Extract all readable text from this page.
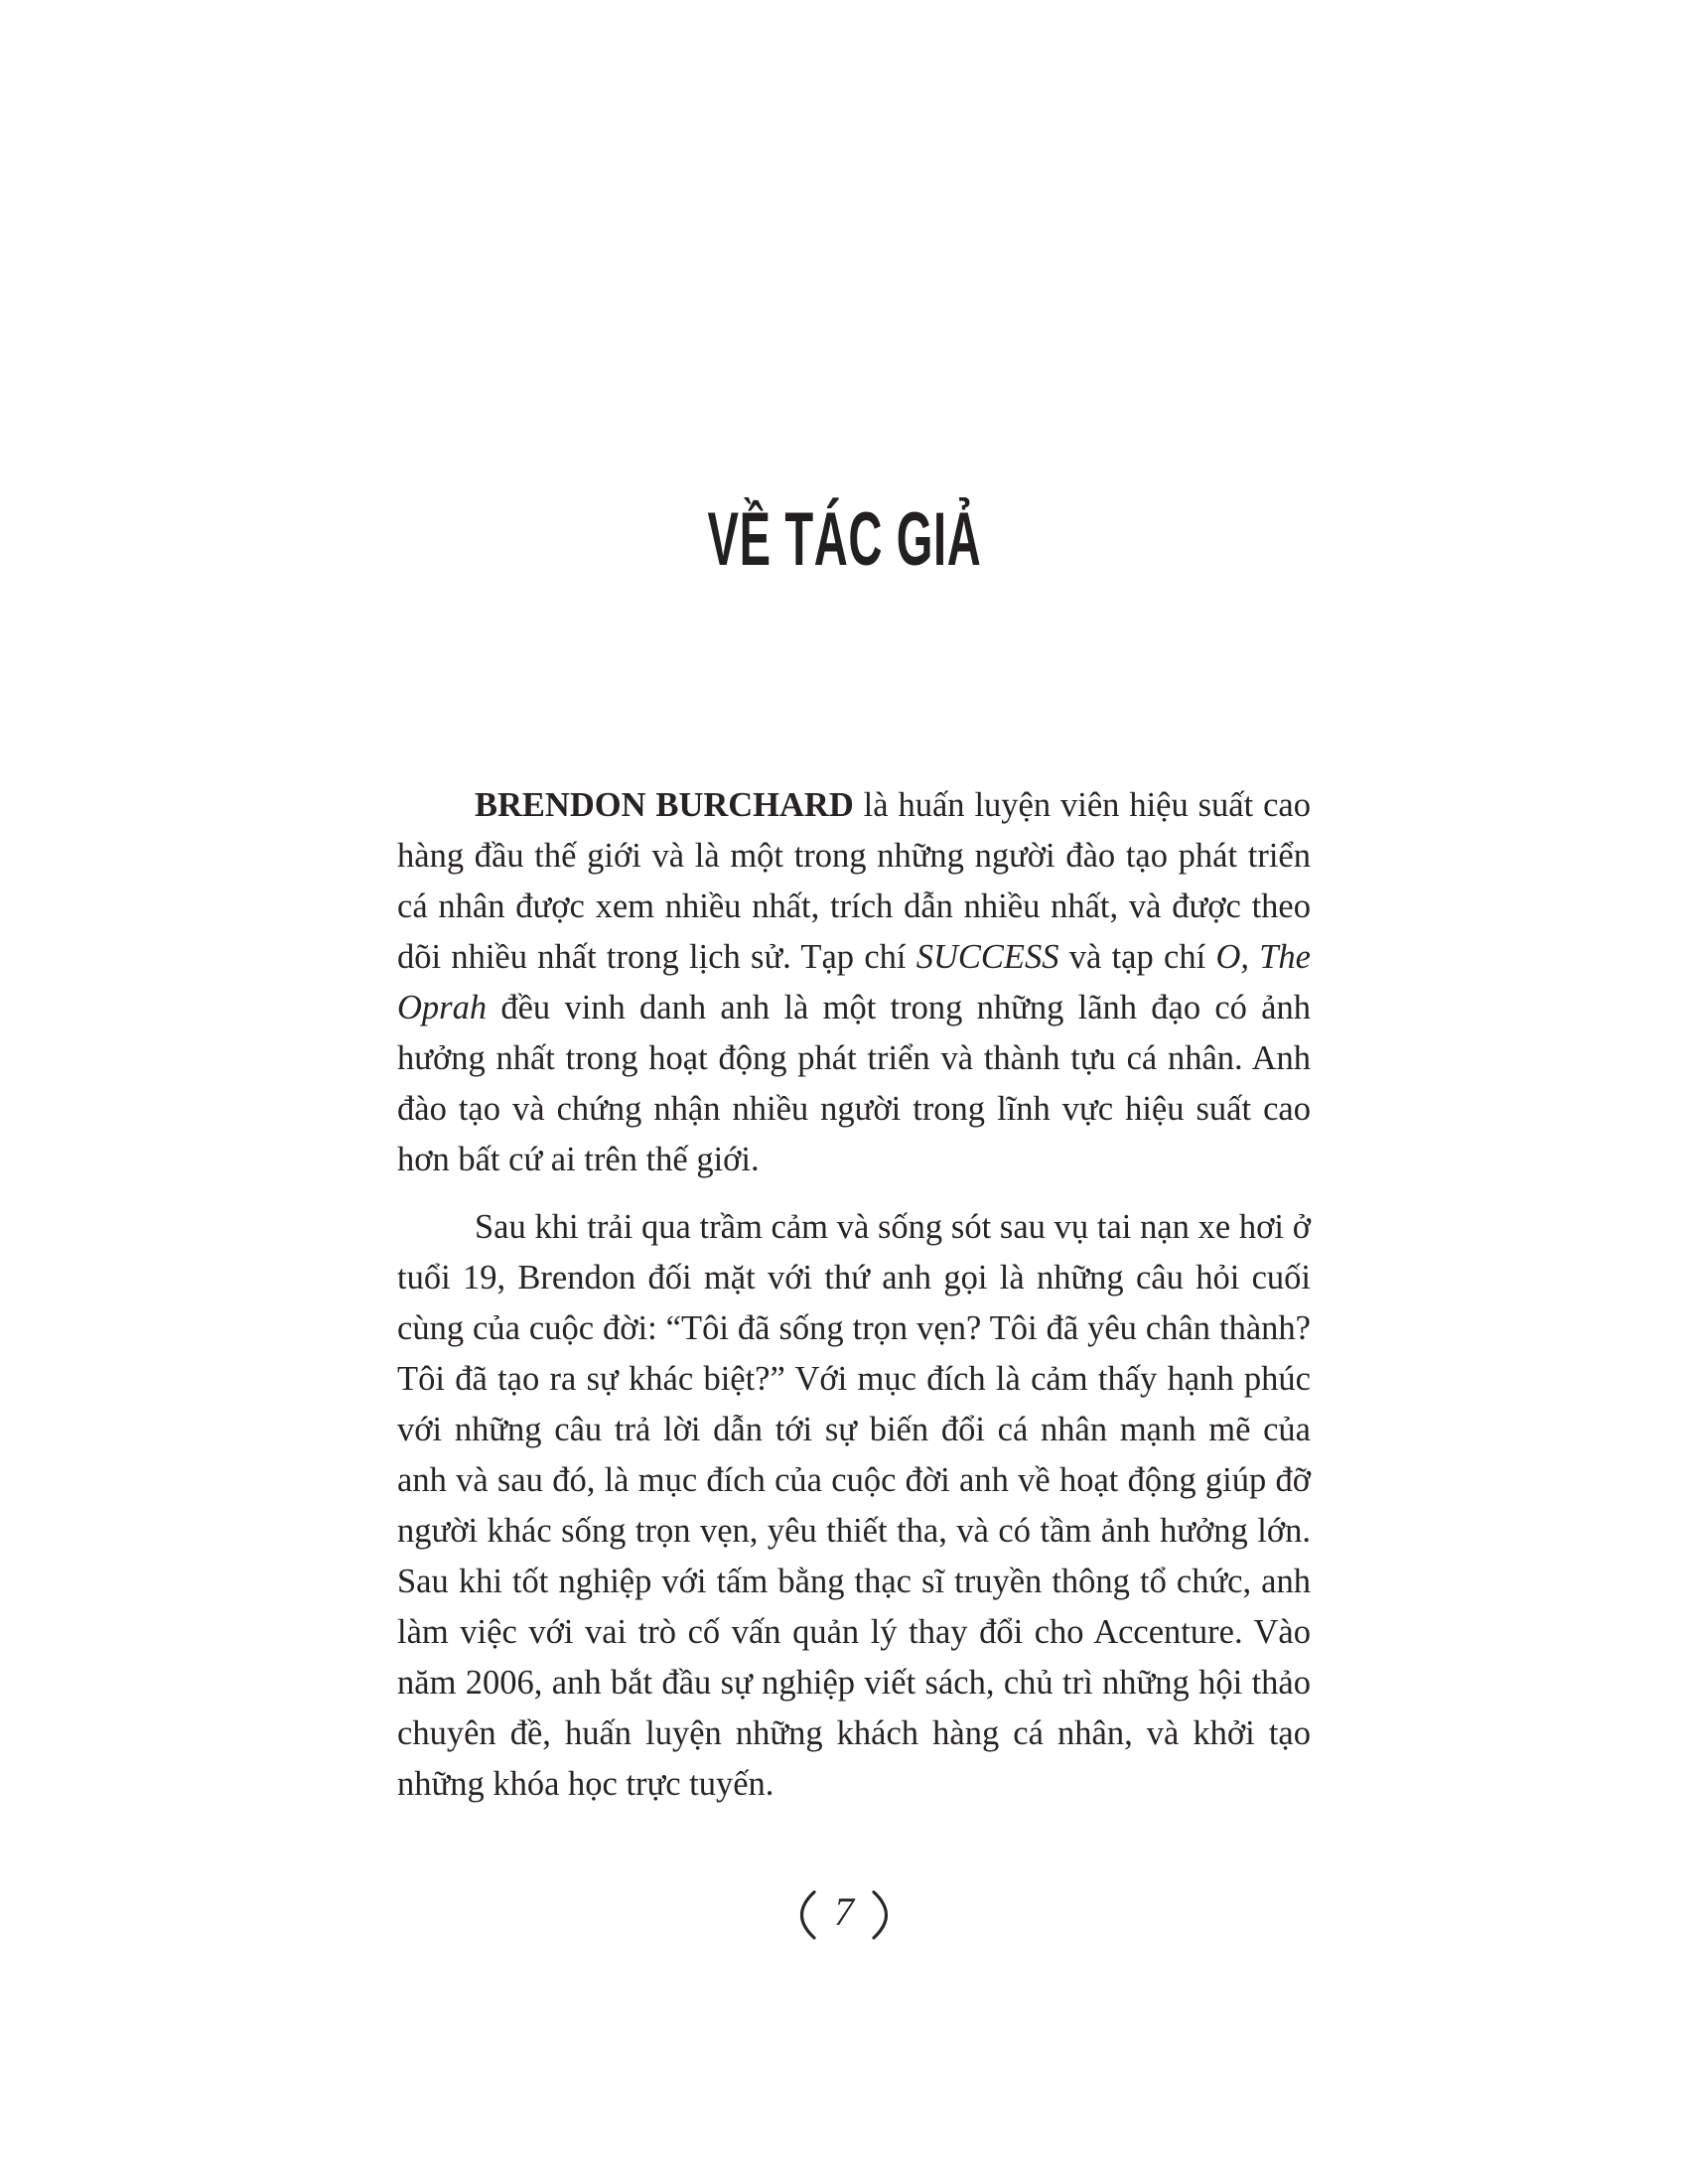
VỀ TÁC GIẢ

BRENDON BURCHARD là huấn luyện viên hiệu suất cao hàng đầu thế giới và là một trong những người đào tạo phát triển cá nhân được xem nhiều nhất, trích dẫn nhiều nhất, và được theo dõi nhiều nhất trong lịch sử. Tạp chí SUCCESS và tạp chí O, The Oprah đều vinh danh anh là một trong những lãnh đạo có ảnh hưởng nhất trong hoạt động phát triển và thành tựu cá nhân. Anh đào tạo và chứng nhận nhiều người trong lĩnh vực hiệu suất cao hơn bất cứ ai trên thế giới.

Sau khi trải qua trầm cảm và sống sót sau vụ tai nạn xe hơi ở tuổi 19, Brendon đối mặt với thứ anh gọi là những câu hỏi cuối cùng của cuộc đời: “Tôi đã sống trọn vẹn? Tôi đã yêu chân thành? Tôi đã tạo ra sự khác biệt?” Với mục đích là cảm thấy hạnh phúc với những câu trả lời dẫn tới sự biến đổi cá nhân mạnh mẽ của anh và sau đó, là mục đích của cuộc đời anh về hoạt động giúp đỡ người khác sống trọn vẹn, yêu thiết tha, và có tầm ảnh hưởng lớn. Sau khi tốt nghiệp với tấm bằng thạc sĩ truyền thông tổ chức, anh làm việc với vai trò cố vấn quản lý thay đổi cho Accenture. Vào năm 2006, anh bắt đầu sự nghiệp viết sách, chủ trì những hội thảo chuyên đề, huấn luyện những khách hàng cá nhân, và khởi tạo những khóa học trực tuyến.

7
